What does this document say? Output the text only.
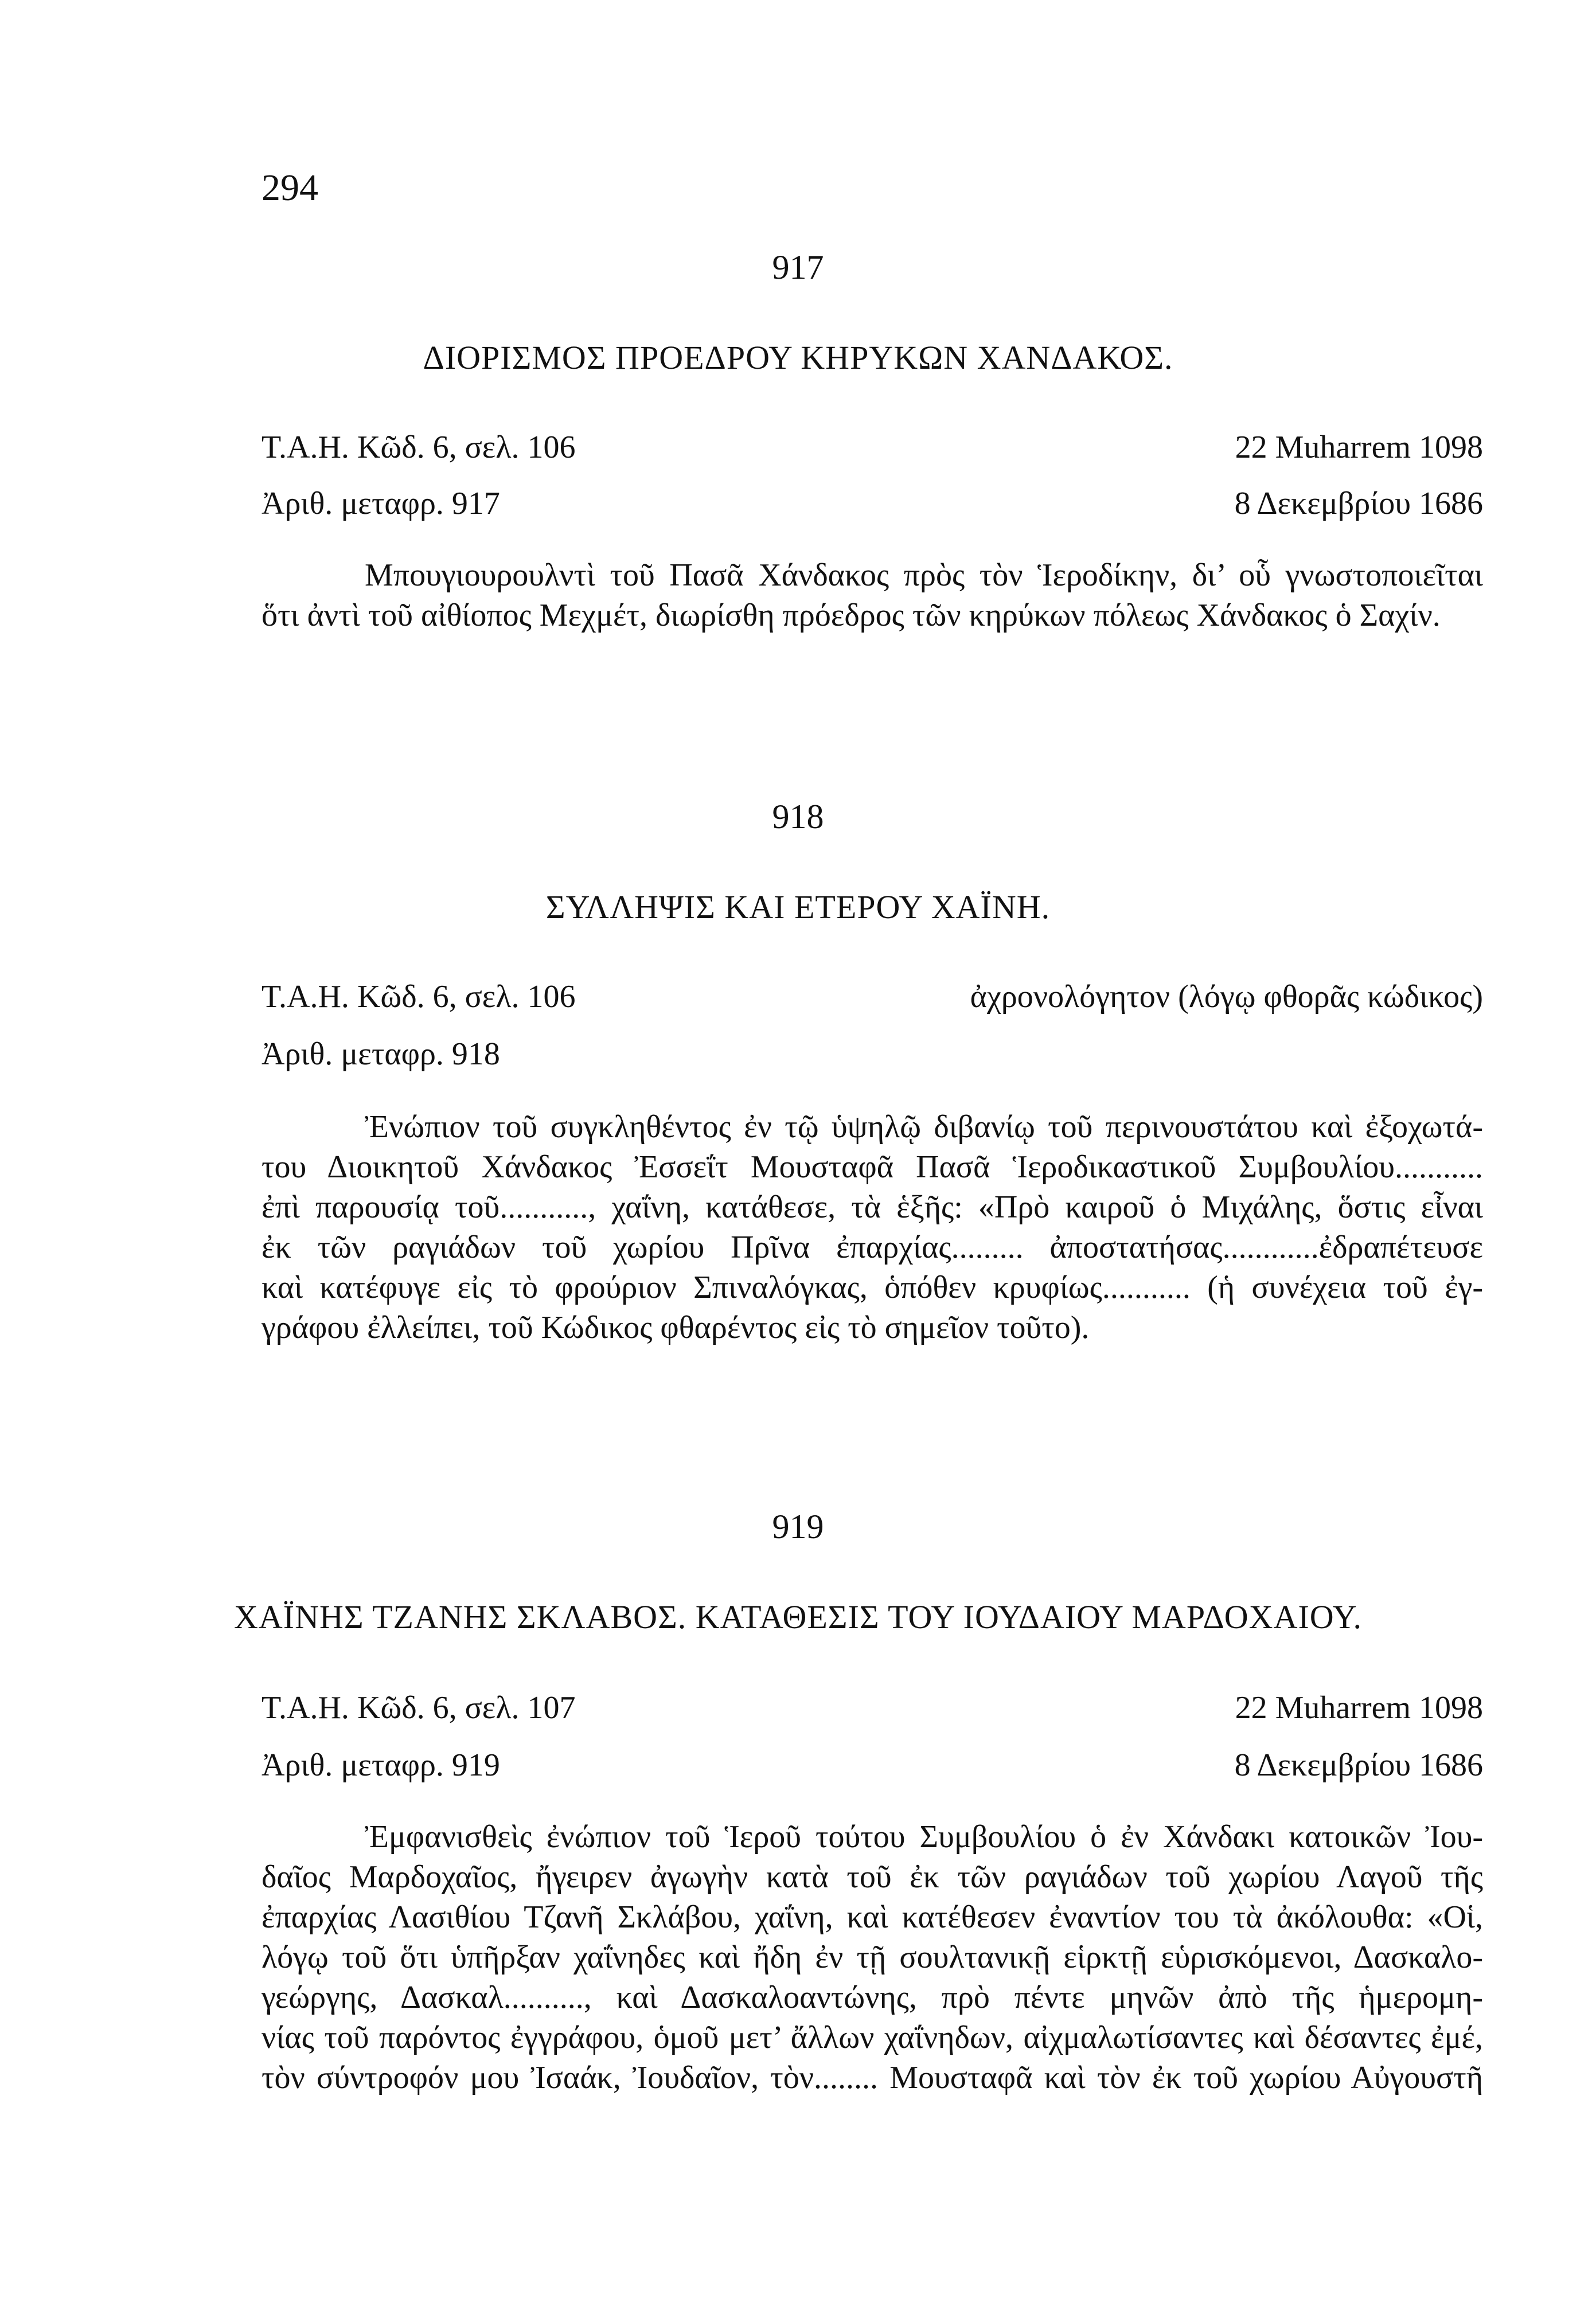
294
917
ΔΙΟΡΙΣΜΟΣ ΠΡΟΕΔΡΟΥ ΚΗΡΥΚΩΝ ΧΑΝΔΑΚΟΣ.
Τ.Α.Η. Κῶδ. 6, σελ. 106	22 Muharrem 1098
Ἀριθ. μεταφρ. 917	8 Δεκεμβρίου 1686
Μπουγιουρουλντὶ τοῦ Πασᾶ Χάνδακος πρὸς τὸν Ἱεροδίκην, δι’ οὗ γνωστοποιεῖται
ὅτι ἀντὶ τοῦ αἰθίοπος Μεχμέτ, διωρίσθη πρόεδρος τῶν κηρύκων πόλεως Χάνδακος ὁ Σαχίν.
918
ΣΥΛΛΗΨΙΣ ΚΑΙ ΕΤΕΡΟΥ ΧΑΪΝΗ.
Τ.Α.Η. Κῶδ. 6, σελ. 106	ἀχρονολόγητον (λόγῳ φθορᾶς κώδικος)
Ἀριθ. μεταφρ. 918
Ἐνώπιον τοῦ συγκληθέντος ἐν τῷ ὑψηλῷ διβανίῳ τοῦ περινουστάτου καὶ ἐξοχωτά-
του Διοικητοῦ Χάνδακος Ἐσσεΐτ Μουσταφᾶ Πασᾶ Ἱεροδικαστικοῦ Συμβουλίου...........
ἐπὶ παρουσίᾳ τοῦ..........., χαΐνη, κατάθεσε, τὰ ἑξῆς: «Πρὸ καιροῦ ὁ Μιχάλης, ὅστις εἶναι
ἐκ τῶν ραγιάδων τοῦ χωρίου Πρῖνα ἐπαρχίας......... ἀποστατήσας............ἐδραπέτευσε
καὶ κατέφυγε εἰς τὸ φρούριον Σπιναλόγκας, ὁπόθεν κρυφίως........... (ἡ συνέχεια τοῦ ἐγ-
γράφου ἐλλείπει, τοῦ Κώδικος φθαρέντος εἰς τὸ σημεῖον τοῦτο).
919
ΧΑΪΝΗΣ ΤΖΑΝΗΣ ΣΚΛΑΒΟΣ. ΚΑΤΑΘΕΣΙΣ ΤΟΥ ΙΟΥΔΑΙΟΥ ΜΑΡΔΟΧΑΙΟΥ.
Τ.Α.Η. Κῶδ. 6, σελ. 107	22 Muharrem 1098
Ἀριθ. μεταφρ. 919	8 Δεκεμβρίου 1686
Ἐμφανισθεὶς ἐνώπιον τοῦ Ἱεροῦ τούτου Συμβουλίου ὁ ἐν Χάνδακι κατοικῶν Ἰου-
δαῖος Μαρδοχαῖος, ἤγειρεν ἀγωγὴν κατὰ τοῦ ἐκ τῶν ραγιάδων τοῦ χωρίου Λαγοῦ τῆς
ἐπαρχίας Λασιθίου Τζανῆ Σκλάβου, χαΐνη, καὶ κατέθεσεν ἐναντίον του τὰ ἀκόλουθα: «Οἱ,
λόγῳ τοῦ ὅτι ὑπῆρξαν χαΐνηδες καὶ ἤδη ἐν τῇ σουλτανικῇ εἱρκτῇ εὑρισκόμενοι, Δασκαλο-
γεώργης, Δασκαλ.........., καὶ Δασκαλοαντώνης, πρὸ πέντε μηνῶν ἀπὸ τῆς ἡμερομη-
νίας τοῦ παρόντος ἐγγράφου, ὁμοῦ μετ’ ἄλλων χαΐνηδων, αἰχμαλωτίσαντες καὶ δέσαντες ἐμέ,
τὸν σύντροφόν μου Ἰσαάκ, Ἰουδαῖον, τὸν........ Μουσταφᾶ καὶ τὸν ἐκ τοῦ χωρίου Αὐγουστῆ
